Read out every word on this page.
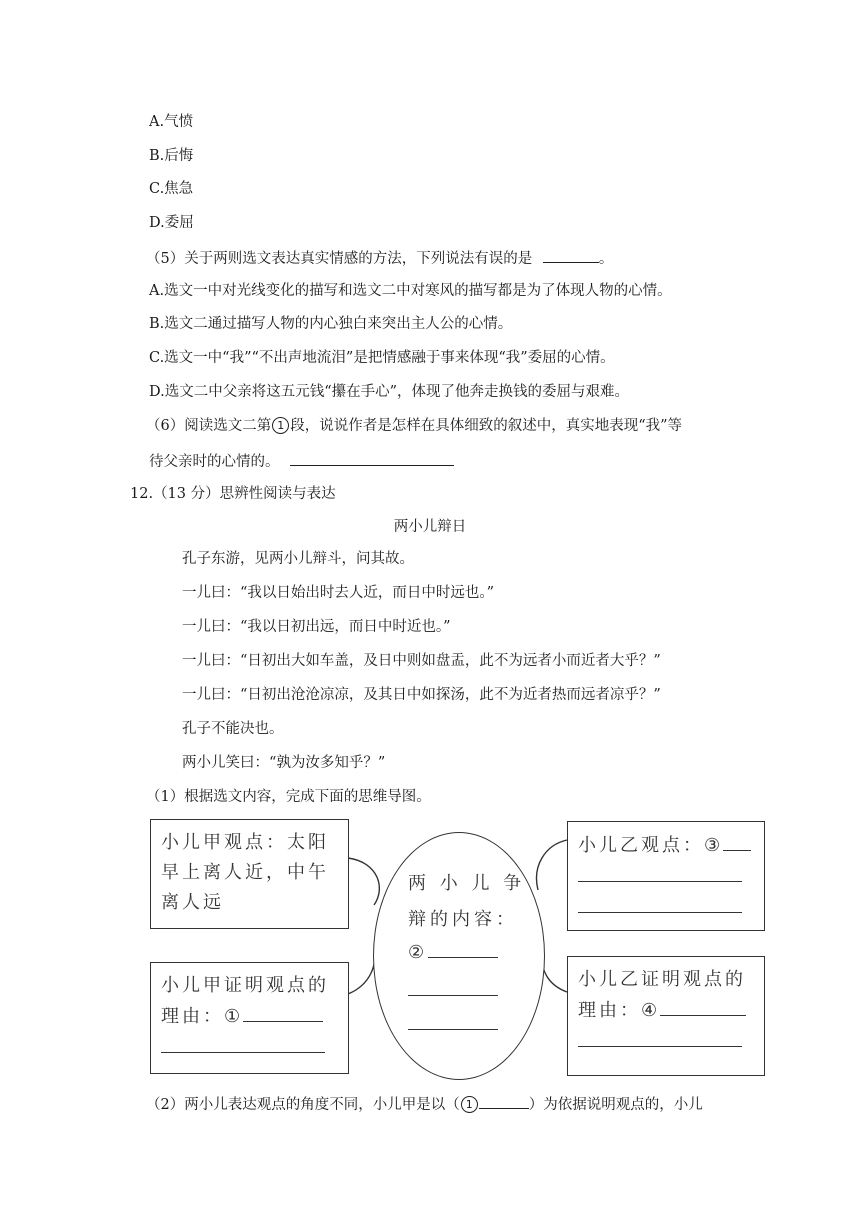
A.气愤
B.后悔
C.焦急
D.委屈
（5）关于两则选文表达真实情感的方法，下列说法有误的是	。
A.选文一中对光线变化的描写和选文二中对寒风的描写都是为了体现人物的心情。
B.选文二通过描写人物的内心独白来突出主人公的心情。
C.选文一中“我”“不出声地流泪”是把情感融于事来体现“我”委屈的心情。
D.选文二中父亲将这五元钱“攥在手心”，体现了他奔走换钱的委屈与艰难。
（6）阅读选文二第 1 段，说说作者是怎样在具体细致的叙述中，真实地表现“我”等
待父亲时的心情的。
12.（13 分）思辨性阅读与表达
两小儿辩日
孔子东游，见两小儿辩斗，问其故。
一儿曰：“我以日始出时去人近，而日中时远也。”
一儿曰：“我以日初出远，而日中时近也。”
一儿曰：“日初出大如车盖，及日中则如盘盂，此不为远者小而近者大乎？”
一儿曰：“日初出沧沧凉凉，及其日中如探汤，此不为近者热而远者凉乎？”
孔子不能决也。
两小儿笑曰：“孰为汝多知乎？”
（1）根据选文内容，完成下面的思维导图。
小儿甲观点：太阳
早上离人近，中午
离人远
小儿甲证明观点的
理由：①
两 小 儿 争
辩的内容：
②
小儿乙观点：③
小儿乙证明观点的
理由：④
（2）两小儿表达观点的角度不同，小儿甲是以（ 1	）为依据说明观点的，小儿
